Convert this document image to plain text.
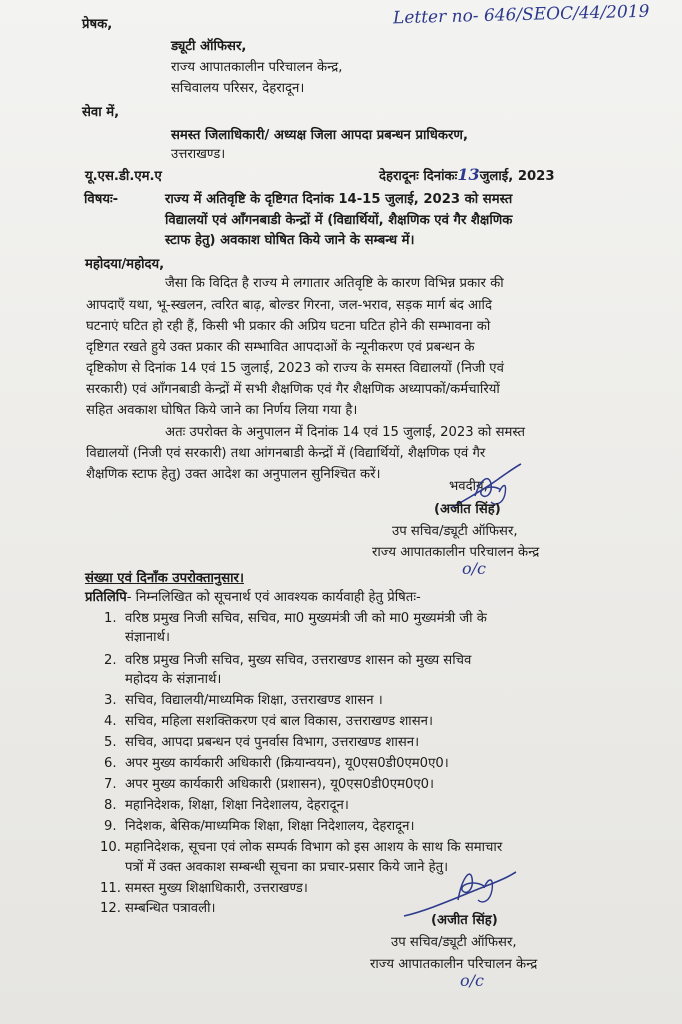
Letter no- 646/SEOC/44/2019
प्रेषक,
ड्यूटी ऑफिसर,
राज्य आपातकालीन परिचालन केन्द्र,
सचिवालय परिसर, देहरादून।
सेवा में,
समस्त जिलाधिकारी/ अध्यक्ष जिला आपदा प्रबन्धन प्राधिकरण,
उत्तराखण्ड।
यू.एस.डी.एम.ए	देहरादूनः दिनांकः13जुलाई, 2023
विषयः-	राज्य में अतिवृष्टि के दृष्टिगत दिनांक 14-15 जुलाई, 2023 को समस्त
विद्यालयों एवं आँगनबाडी केन्द्रों में (विद्यार्थियों, शैक्षणिक एवं गैर शैक्षणिक
स्टाफ हेतु) अवकाश घोषित किये जाने के सम्बन्ध में।
महोदया/महोदय,
जैसा कि विदित है राज्य मे लगातार अतिवृष्टि के कारण विभिन्न प्रकार की
आपदाएँ यथा, भू-स्खलन, त्वरित बाढ़, बोल्डर गिरना, जल-भराव, सड़क मार्ग बंद आदि
घटनाएं घटित हो रही हैं, किसी भी प्रकार की अप्रिय घटना घटित होने की सम्भावना को
दृष्टिगत रखते हुये उक्त प्रकार की सम्भावित आपदाओं के न्यूनीकरण एवं प्रबन्धन के
दृष्टिकोण से दिनांक 14 एवं 15 जुलाई, 2023 को राज्य के समस्त विद्यालयों (निजी एवं
सरकारी) एवं आँगनबाडी केन्द्रों में सभी शैक्षणिक एवं गैर शैक्षणिक अध्यापकों/कर्मचारियों
सहित अवकाश घोषित किये जाने का निर्णय लिया गया है।
अतः उपरोक्त के अनुपालन में दिनांक 14 एवं 15 जुलाई, 2023 को समस्त
विद्यालयों (निजी एवं सरकारी) तथा आंगनबाडी केन्द्रों में (विद्यार्थियों, शैक्षणिक एवं गैर
शैक्षणिक स्टाफ हेतु) उक्त आदेश का अनुपालन सुनिश्चित करें।
भवदीय,
(अजीत सिंह)
उप सचिव/ड्यूटी ऑफिसर,
राज्य आपातकालीन परिचालन केन्द्र
o/c
संख्या एवं दिनाँक उपरोक्तानुसार।
प्रतिलिपि- निम्नलिखित को सूचनार्थ एवं आवश्यक कार्यवाही हेतु प्रेषितः-
1. वरिष्ठ प्रमुख निजी सचिव, सचिव, मा0 मुख्यमंत्री जी को मा0 मुख्यमंत्री जी के
संज्ञानार्थ।
2. वरिष्ठ प्रमुख निजी सचिव, मुख्य सचिव, उत्तराखण्ड शासन को मुख्य सचिव
महोदय के संज्ञानार्थ।
3. सचिव, विद्यालयी/माध्यमिक शिक्षा, उत्तराखण्ड शासन ।
4. सचिव, महिला सशक्तिकरण एवं बाल विकास, उत्तराखण्ड शासन।
5. सचिव, आपदा प्रबन्धन एवं पुनर्वास विभाग, उत्तराखण्ड शासन।
6. अपर मुख्य कार्यकारी अधिकारी (क्रियान्वयन), यू0एस0डी0एम0ए0।
7. अपर मुख्य कार्यकारी अधिकारी (प्रशासन), यू0एस0डी0एम0ए0।
8. महानिदेशक, शिक्षा, शिक्षा निदेशालय, देहरादून।
9. निदेशक, बेसिक/माध्यमिक शिक्षा, शिक्षा निदेशालय, देहरादून।
10. महानिदेशक, सूचना एवं लोक सम्पर्क विभाग को इस आशय के साथ कि समाचार
पत्रों में उक्त अवकाश सम्बन्धी सूचना का प्रचार-प्रसार किये जाने हेतु।
11. समस्त मुख्य शिक्षाधिकारी, उत्तराखण्ड।
12. सम्बन्धित पत्रावली।
(अजीत सिंह)
उप सचिव/ड्यूटी ऑफिसर,
राज्य आपातकालीन परिचालन केन्द्र
o/c
